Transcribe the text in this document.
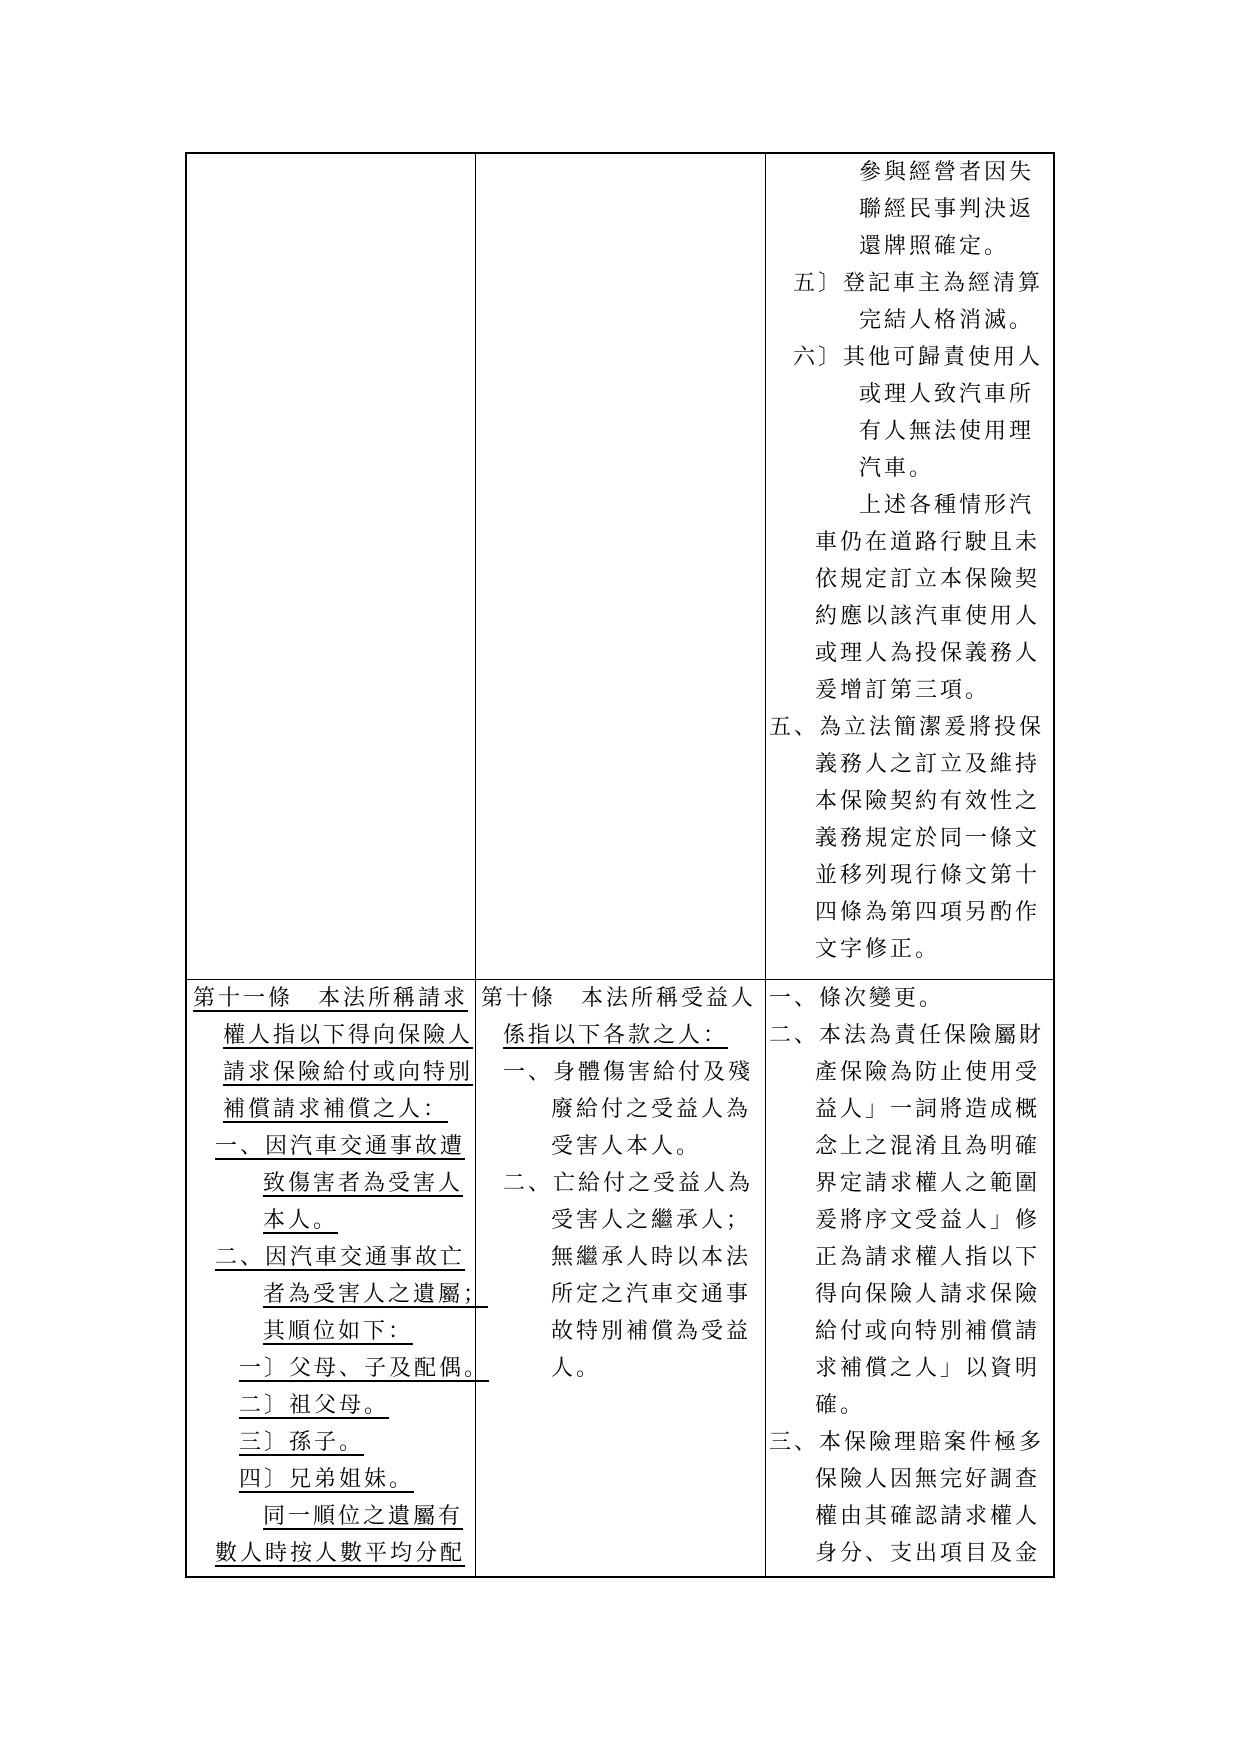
參與經營者因失
聯經民事判決返
還牌照確定。
五〕登記車主為經清算
完結人格消滅。
六〕其他可歸責使用人
或理人致汽車所
有人無法使用理
汽車。
上述各種情形汽
車仍在道路行駛且未
依規定訂立本保險契
約應以該汽車使用人
或理人為投保義務人
爰增訂第三項。
五、為立法簡潔爰將投保
義務人之訂立及維持
本保險契約有效性之
義務規定於同一條文
並移列現行條文第十
四條為第四項另酌作
文字修正。
第十一條　本法所稱請求
權人指以下得向保險人
請求保險給付或向特別
補償請求補償之人：
一、因汽車交通事故遭
致傷害者為受害人
本人。
二、因汽車交通事故亡
者為受害人之遺屬；
其順位如下：
一〕父母、子及配偶。
二〕祖父母。
三〕孫子。
四〕兄弟姐妹。
同一順位之遺屬有
數人時按人數平均分配
第十條　本法所稱受益人
係指以下各款之人：
一、身體傷害給付及殘
廢給付之受益人為
受害人本人。
二、亡給付之受益人為
受害人之繼承人；
無繼承人時以本法
所定之汽車交通事
故特別補償為受益
人。
一、條次變更。
二、本法為責任保險屬財
產保險為防止使用受
益人」一詞將造成概
念上之混淆且為明確
界定請求權人之範圍
爰將序文受益人」修
正為請求權人指以下
得向保險人請求保險
給付或向特別補償請
求補償之人」以資明
確。
三、本保險理賠案件極多
保險人因無完好調查
權由其確認請求權人
身分、支出項目及金
